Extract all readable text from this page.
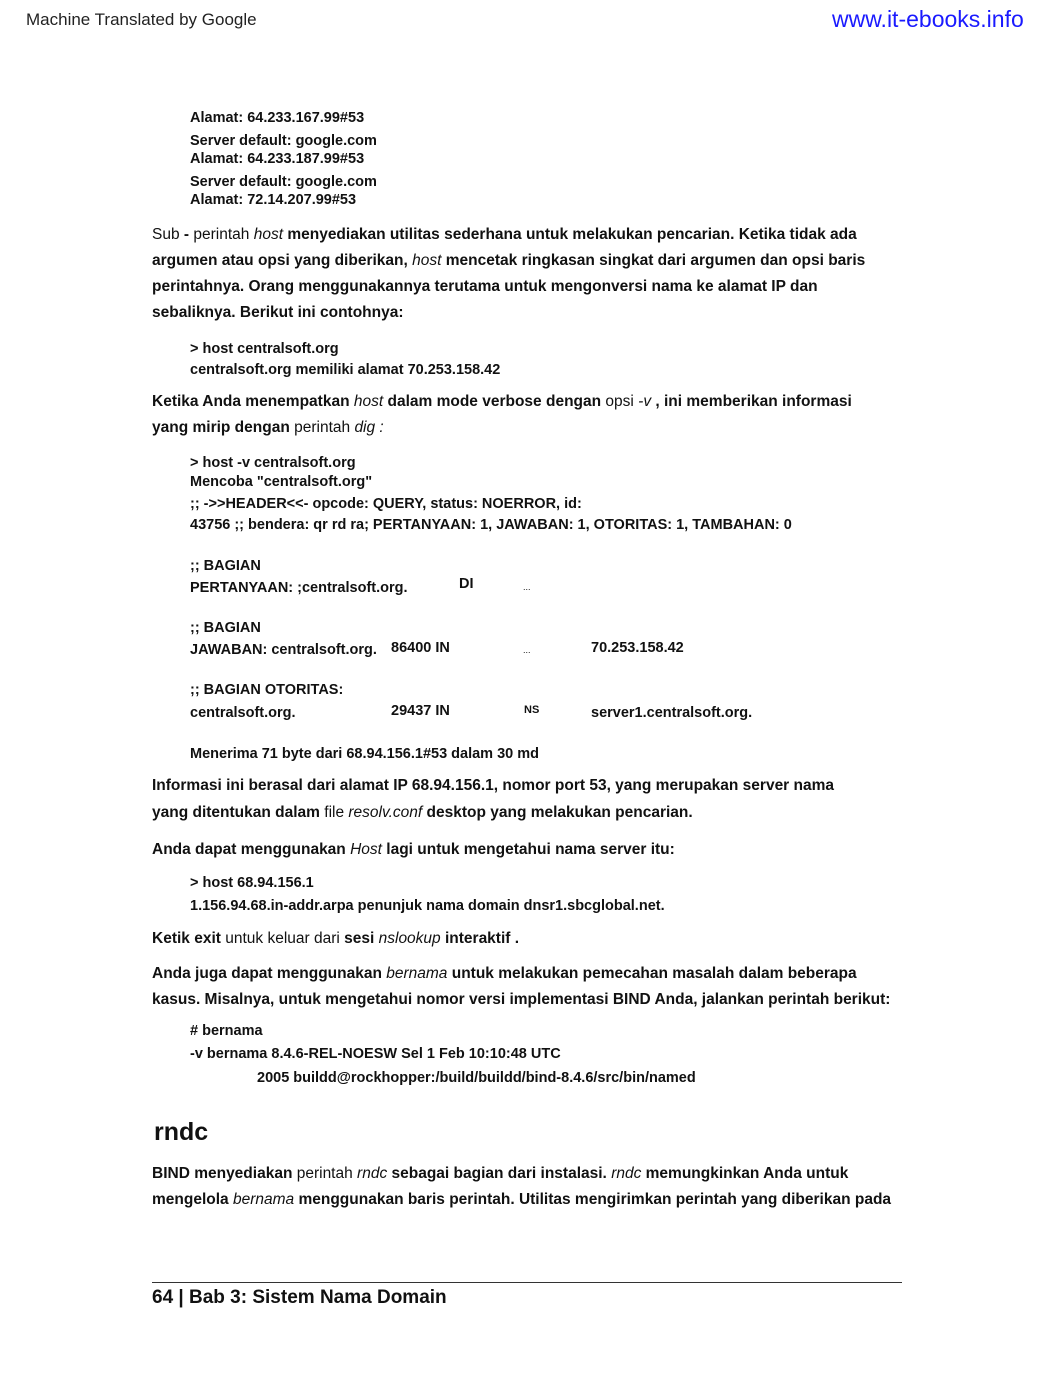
Machine Translated by Google	www.it-ebooks.info
Alamat: 64.233.167.99#53
Server default: google.com
Alamat: 64.233.187.99#53
Server default: google.com
Alamat: 72.14.207.99#53
Sub - perintah host menyediakan utilitas sederhana untuk melakukan pencarian. Ketika tidak ada
argumen atau opsi yang diberikan, host mencetak ringkasan singkat dari argumen dan opsi baris
perintahnya. Orang menggunakannya terutama untuk mengonversi nama ke alamat IP dan
sebaliknya. Berikut ini contohnya:
> host centralsoft.org
centralsoft.org memiliki alamat 70.253.158.42
Ketika Anda menempatkan host dalam mode verbose dengan opsi -v , ini memberikan informasi
yang mirip dengan perintah dig :
> host -v centralsoft.org
Mencoba "centralsoft.org"
;; ->>HEADER<<- opcode: QUERY, status: NOERROR, id:
43756 ;; bendera: qr rd ra; PERTANYAAN: 1, JAWABAN: 1, OTORITAS: 1, TAMBAHAN: 0
;; BAGIAN
PERTANYAAN: ;centralsoft.org.	DI	...
;; BAGIAN
JAWABAN: centralsoft.org. 86400 IN	...	70.253.158.42
;; BAGIAN OTORITAS:
centralsoft.org.	29437 IN	NS	server1.centralsoft.org.
Menerima 71 byte dari 68.94.156.1#53 dalam 30 md
Informasi ini berasal dari alamat IP 68.94.156.1, nomor port 53, yang merupakan server nama
yang ditentukan dalam file resolv.conf desktop yang melakukan pencarian.
Anda dapat menggunakan Host lagi untuk mengetahui nama server itu:
> host 68.94.156.1
1.156.94.68.in-addr.arpa penunjuk nama domain dnsr1.sbcglobal.net.
Ketik exit untuk keluar dari sesi nslookup interaktif .
Anda juga dapat menggunakan bernama untuk melakukan pemecahan masalah dalam beberapa
kasus. Misalnya, untuk mengetahui nomor versi implementasi BIND Anda, jalankan perintah berikut:
# bernama
-v bernama 8.4.6-REL-NOESW Sel 1 Feb 10:10:48 UTC
2005 buildd@rockhopper:/build/buildd/bind-8.4.6/src/bin/named
rndc
BIND menyediakan perintah rndc sebagai bagian dari instalasi. rndc memungkinkan Anda untuk
mengelola bernama menggunakan baris perintah. Utilitas mengirimkan perintah yang diberikan pada
64 | Bab 3: Sistem Nama Domain
